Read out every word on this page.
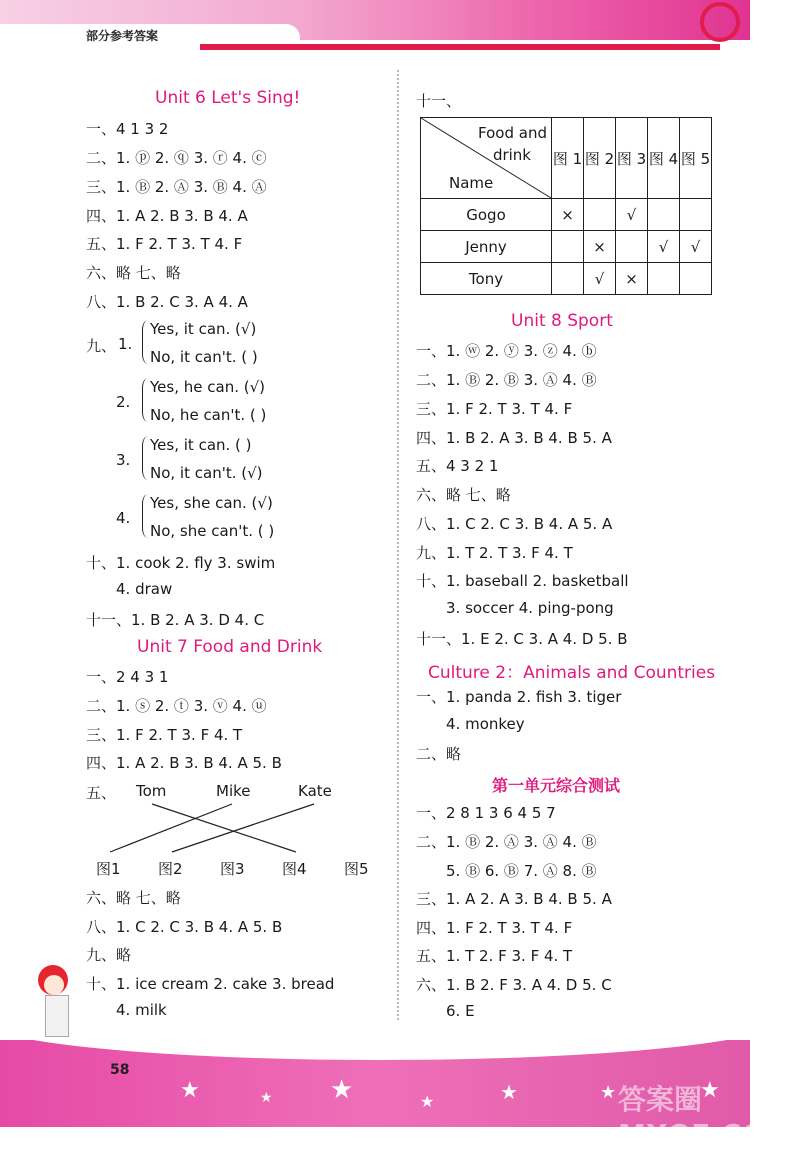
部分参考答案
Unit 6 Let's Sing!
一、4 1 3 2
二、1. ⓟ 2. ⓠ 3. ⓡ 4. ⓒ
三、1. Ⓑ 2. Ⓐ 3. Ⓑ 4. Ⓐ
四、1. A 2. B 3. B 4. A
五、1. F 2. T 3. T 4. F
六、略 七、略
八、1. B 2. C 3. A 4. A
九、 1.
Yes, it can. (√)
No, it can't. ( )
2.
Yes, he can. (√)
No, he can't. ( )
3.
Yes, it can. ( )
No, it can't. (√)
4.
Yes, she can. (√)
No, she can't. ( )
十、1. cook 2. fly 3. swim
4. draw
十一、1. B 2. A 3. D 4. C
Unit 7 Food and Drink
一、2 4 3 1
二、1. ⓢ 2. ⓣ 3. ⓥ 4. ⓤ
三、1. F 2. T 3. F 4. T
四、1. A 2. B 3. B 4. A 5. B
五、 Tom	Mike	Kate
图1 图2 图3 图4 图5
六、略 七、略
八、1. C 2. C 3. B 4. A 5. B
九、略
十、1. ice cream 2. cake 3. bread
4. milk
十一、
Food and
drink
Name	图 1	图 2	图 3	图 4	图 5
Gogo	×		√		
Jenny		×		√	√
Tony		√	×		
Unit 8 Sport
一、1. ⓦ 2. ⓨ 3. ⓩ 4. ⓑ
二、1. Ⓑ 2. Ⓑ 3. Ⓐ 4. Ⓑ
三、1. F 2. T 3. T 4. F
四、1. B 2. A 3. B 4. B 5. A
五、4 3 2 1
六、略 七、略
八、1. C 2. C 3. B 4. A 5. A
九、1. T 2. T 3. F 4. T
十、1. baseball 2. basketball
3. soccer 4. ping-pong
十一、1. E 2. C 3. A 4. D 5. B
Culture 2：Animals and Countries
一、1. panda 2. fish 3. tiger
4. monkey
二、略
第一单元综合测试
一、2 8 1 3 6 4 5 7
二、1. Ⓑ 2. Ⓐ 3. Ⓐ 4. Ⓑ
5. Ⓑ 6. Ⓑ 7. Ⓐ 8. Ⓑ
三、1. A 2. A 3. B 4. B 5. A
四、1. F 2. T 3. T 4. F
五、1. T 2. F 3. F 4. T
六、1. B 2. F 3. A 4. D 5. C
6. E
★	★ ★	★	★	★	★
58
答案圈 MXQE.COM
